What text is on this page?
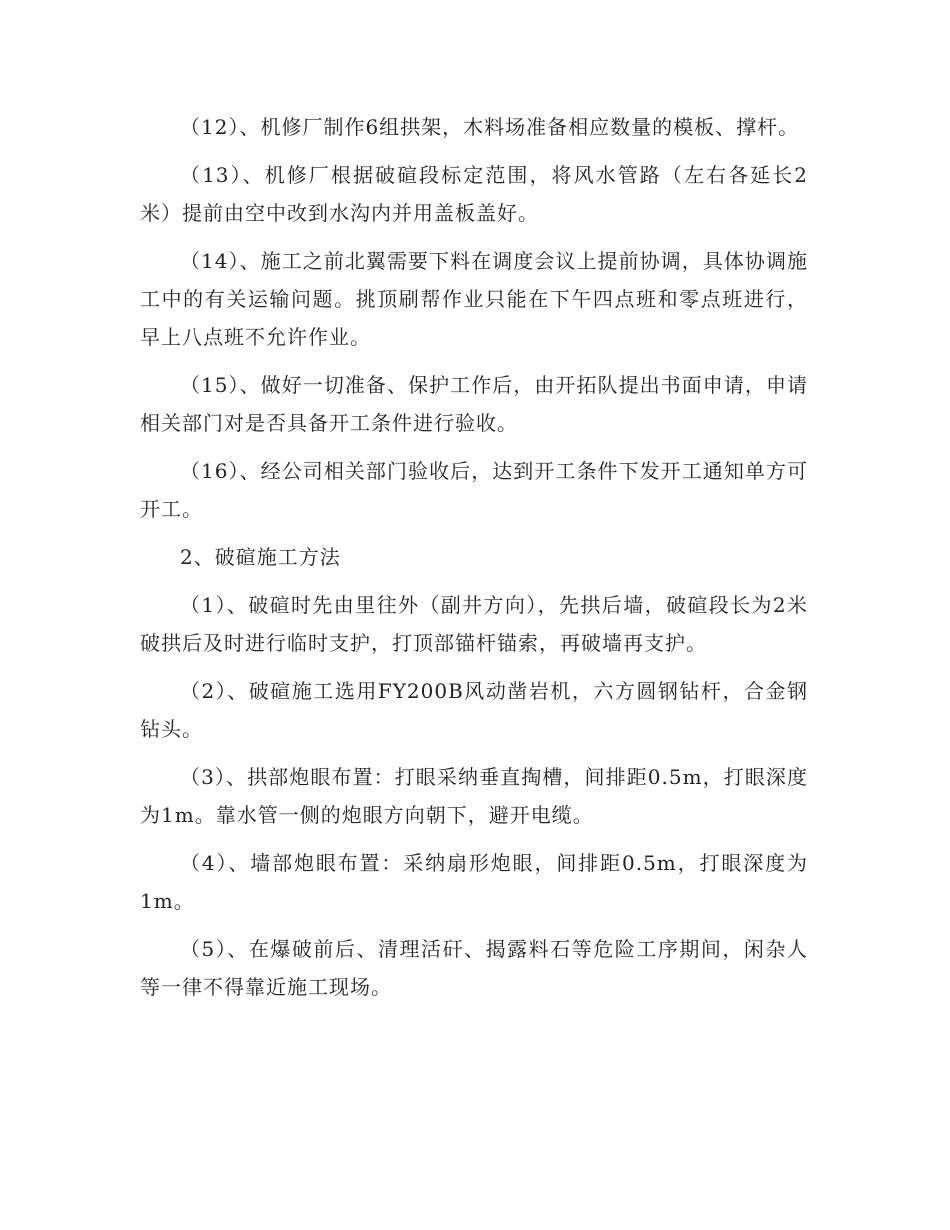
（12）、机修厂制作6组拱架，木料场准备相应数量的模板、撑杆。

（13）、机修厂根据破碹段标定范围，将风水管路（左右各延长2米）提前由空中改到水沟内并用盖板盖好。

（14）、施工之前北翼需要下料在调度会议上提前协调，具体协调施工中的有关运输问题。挑顶刷帮作业只能在下午四点班和零点班进行，早上八点班不允许作业。

（15）、做好一切准备、保护工作后，由开拓队提出书面申请，申请相关部门对是否具备开工条件进行验收。

（16）、经公司相关部门验收后，达到开工条件下发开工通知单方可开工。

2、破碹施工方法

（1）、破碹时先由里往外（副井方向），先拱后墙，破碹段长为2米破拱后及时进行临时支护，打顶部锚杆锚索，再破墙再支护。

（2）、破碹施工选用FY200B风动凿岩机，六方圆钢钻杆，合金钢钻头。

（3）、拱部炮眼布置：打眼采纳垂直掏槽，间排距0.5m，打眼深度为1m。靠水管一侧的炮眼方向朝下，避开电缆。

（4）、墙部炮眼布置：采纳扇形炮眼，间排距0.5m，打眼深度为1m。

（5）、在爆破前后、清理活矸、揭露料石等危险工序期间，闲杂人等一律不得靠近施工现场。
